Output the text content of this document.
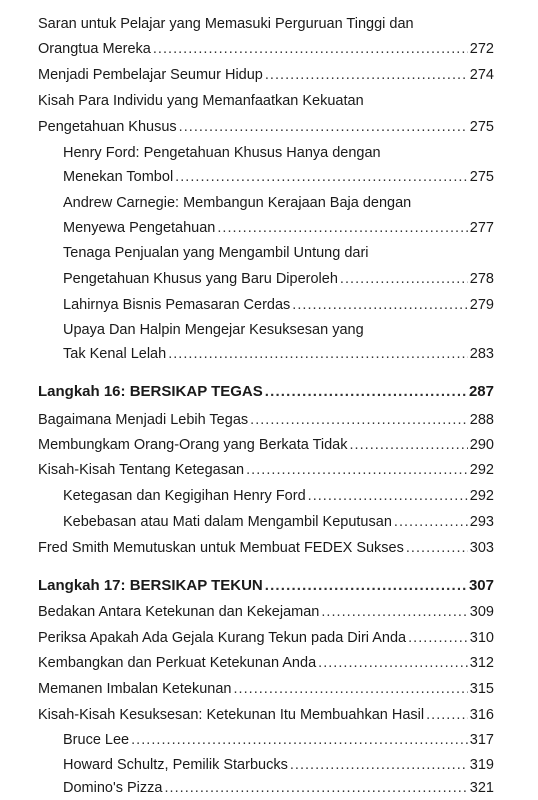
Saran untuk Pelajar yang Memasuki Perguruan Tinggi dan
Orangtua Mereka . . .	272
Menjadi Pembelajar Seumur Hidup . . .	274
Kisah Para Individu yang Memanfaatkan Kekuatan
Pengetahuan Khusus . . .	275
Henry Ford: Pengetahuan Khusus Hanya dengan
Menekan Tombol . . .	275
Andrew Carnegie: Membangun Kerajaan Baja dengan
Menyewa Pengetahuan . . .	277
Tenaga Penjualan yang Mengambil Untung dari
Pengetahuan Khusus yang Baru Diperoleh . . .	278
Lahirnya Bisnis Pemasaran Cerdas . . .	279
Upaya Dan Halpin Mengejar Kesuksesan yang
Tak Kenal Lelah . . .	283
Langkah 16: BERSIKAP TEGAS . . .	287
Bagaimana Menjadi Lebih Tegas . . .	288
Membungkam Orang-Orang yang Berkata Tidak . . .	290
Kisah-Kisah Tentang Ketegasan . . .	292
Ketegasan dan Kegigihan Henry Ford . . .	292
Kebebasan atau Mati dalam Mengambil Keputusan . . .	293
Fred Smith Memutuskan untuk Membuat FEDEX Sukses . . .	303
Langkah 17: BERSIKAP TEKUN . . .	307
Bedakan Antara Ketekunan dan Kekejaman . . .	309
Periksa Apakah Ada Gejala Kurang Tekun pada Diri Anda . . .	310
Kembangkan dan Perkuat Ketekunan Anda . . .	312
Memanen Imbalan Ketekunan . . .	315
Kisah-Kisah Kesuksesan: Ketekunan Itu Membuahkan Hasil . . .	316
Bruce Lee . . .	317
Howard Schultz, Pemilik Starbucks . . .	319
Domino's Pizza . . .	321
